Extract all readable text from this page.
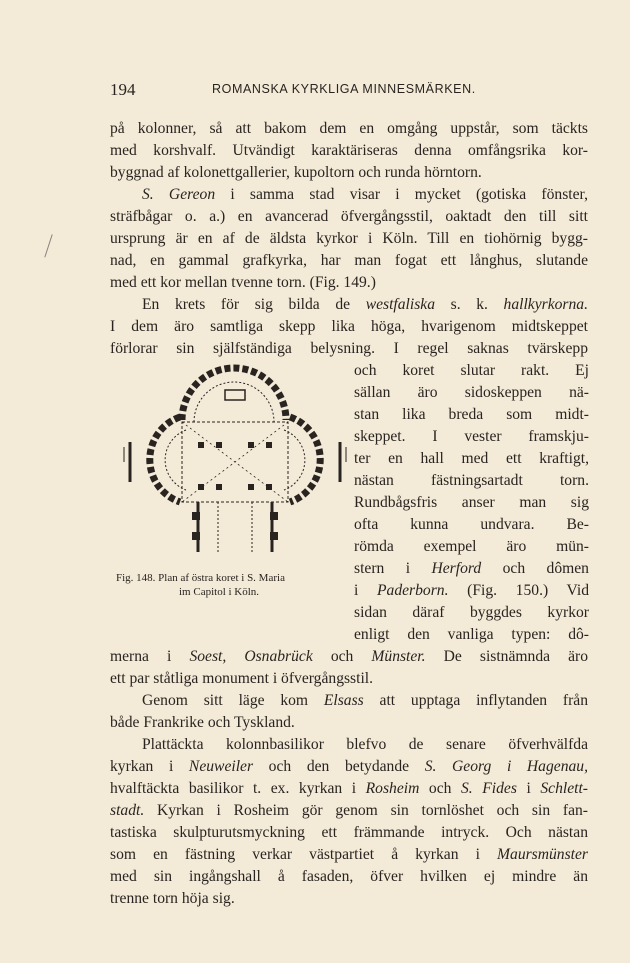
194	ROMANSKA KYRKLIGA MINNESMÄRKEN.
på kolonner, så att bakom dem en omgång uppstår, som täckts
med korshvalf. Utvändigt karaktäriseras denna omfångsrika kor-
byggnad af kolonettgallerier, kupoltorn och runda hörntorn.
S. Gereon i samma stad visar i mycket (gotiska fönster,
sträfbågar o. a.) en avancerad öfvergångsstil, oaktadt den till sitt
ursprung är en af de äldsta kyrkor i Köln. Till en tiohörnig bygg-
nad, en gammal grafkyrka, har man fogat ett långhus, slutande
med ett kor mellan tvenne torn. (Fig. 149.)
En krets för sig bilda de westfaliska s. k. hallkyrkorna.
I dem äro samtliga skepp lika höga, hvarigenom midtskeppet
förlorar sin själfständiga belysning. I regel saknas tvärskepp
och koret slutar rakt. Ej
sällan äro sidoskeppen nä-
stan lika breda som midt-
skeppet. I vester framskju-
ter en hall med ett kraftigt,
nästan fästningsartadt torn.
Rundbågsfris anser man sig
ofta kunna undvara. Be-
römda exempel äro mün-
stern i Herford och dômen
i Paderborn. (Fig. 150.) Vid
sidan däraf byggdes kyrkor
enligt den vanliga typen: dô-
Fig. 148. Plan af östra koret i S. Maria
im Capitol i Köln.
merna i Soest, Osnabrück och Münster. De sistnämnda äro
ett par ståtliga monument i öfvergångsstil.
Genom sitt läge kom Elsass att upptaga inflytanden från
både Frankrike och Tyskland.
Plattäckta kolonnbasilikor blefvo de senare öfverhvälfda
kyrkan i Neuweiler och den betydande S. Georg i Hagenau,
hvalftäckta basilikor t. ex. kyrkan i Rosheim och S. Fides i Schlett-
stadt. Kyrkan i Rosheim gör genom sin tornlöshet och sin fan-
tastiska skulpturutsmyckning ett främmande intryck. Och nästan
som en fästning verkar västpartiet å kyrkan i Maursmünster
med sin ingångshall å fasaden, öfver hvilken ej mindre än
trenne torn höja sig.
